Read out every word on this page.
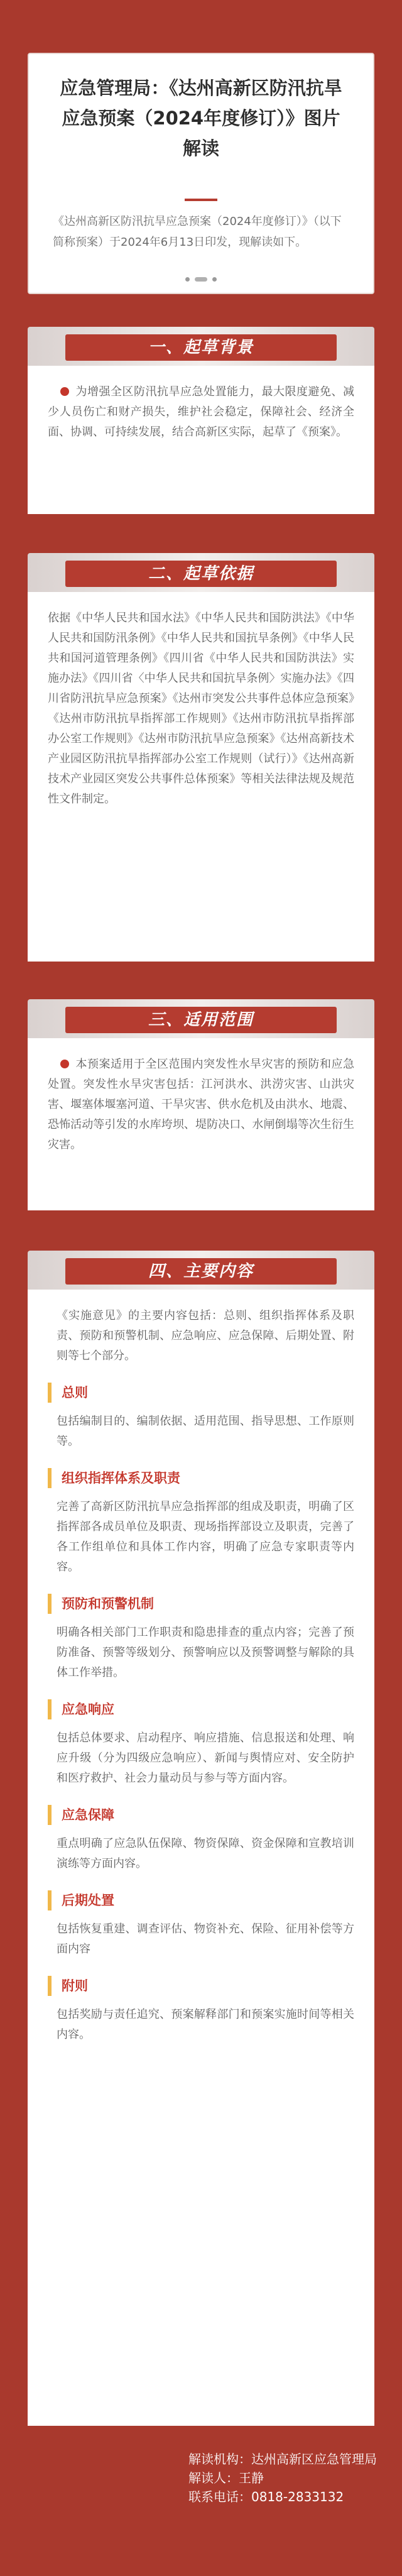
应急管理局：《达州高新区防汛抗旱应急预案（2024年度修订）》图片解读
《达州高新区防汛抗旱应急预案（2024年度修订）》（以下简称预案）于2024年6月13日印发，现解读如下。
一、起草背景
为增强全区防汛抗旱应急处置能力，最大限度避免、减少人员伤亡和财产损失，维护社会稳定，保障社会、经济全面、协调、可持续发展，结合高新区实际，起草了《预案》。
二、起草依据
依据《中华人民共和国水法》《中华人民共和国防洪法》《中华人民共和国防汛条例》《中华人民共和国抗旱条例》《中华人民共和国河道管理条例》《四川省《中华人民共和国防洪法》实施办法》《四川省〈中华人民共和国抗旱条例〉实施办法》《四川省防汛抗旱应急预案》《达州市突发公共事件总体应急预案》《达州市防汛抗旱指挥部工作规则》《达州市防汛抗旱指挥部办公室工作规则》《达州市防汛抗旱应急预案》《达州高新技术产业园区防汛抗旱指挥部办公室工作规则（试行）》《达州高新技术产业园区突发公共事件总体预案》等相关法律法规及规范性文件制定。
三、适用范围
本预案适用于全区范围内突发性水旱灾害的预防和应急处置。突发性水旱灾害包括：江河洪水、洪涝灾害、山洪灾害、堰塞体堰塞河道、干旱灾害、供水危机及由洪水、地震、恐怖活动等引发的水库垮坝、堤防决口、水闸倒塌等次生衍生灾害。
四、主要内容
《实施意见》的主要内容包括：总则、组织指挥体系及职责、预防和预警机制、应急响应、应急保障、后期处置、附则等七个部分。
总则
包括编制目的、编制依据、适用范围、指导思想、工作原则等。
组织指挥体系及职责
完善了高新区防汛抗旱应急指挥部的组成及职责，明确了区指挥部各成员单位及职责、现场指挥部设立及职责，完善了各工作组单位和具体工作内容，明确了应急专家职责等内容。
预防和预警机制
明确各相关部门工作职责和隐患排查的重点内容；完善了预防准备、预警等级划分、预警响应以及预警调整与解除的具体工作举措。
应急响应
包括总体要求、启动程序、响应措施、信息报送和处理、响应升级（分为四级应急响应）、新闻与舆情应对、安全防护和医疗救护、社会力量动员与参与等方面内容。
应急保障
重点明确了应急队伍保障、物资保障、资金保障和宣教培训演练等方面内容。
后期处置
包括恢复重建、调查评估、物资补充、保险、征用补偿等方面内容
附则
包括奖励与责任追究、预案解释部门和预案实施时间等相关内容。
解读机构：达州高新区应急管理局
解读人：王静
联系电话：0818-2833132
